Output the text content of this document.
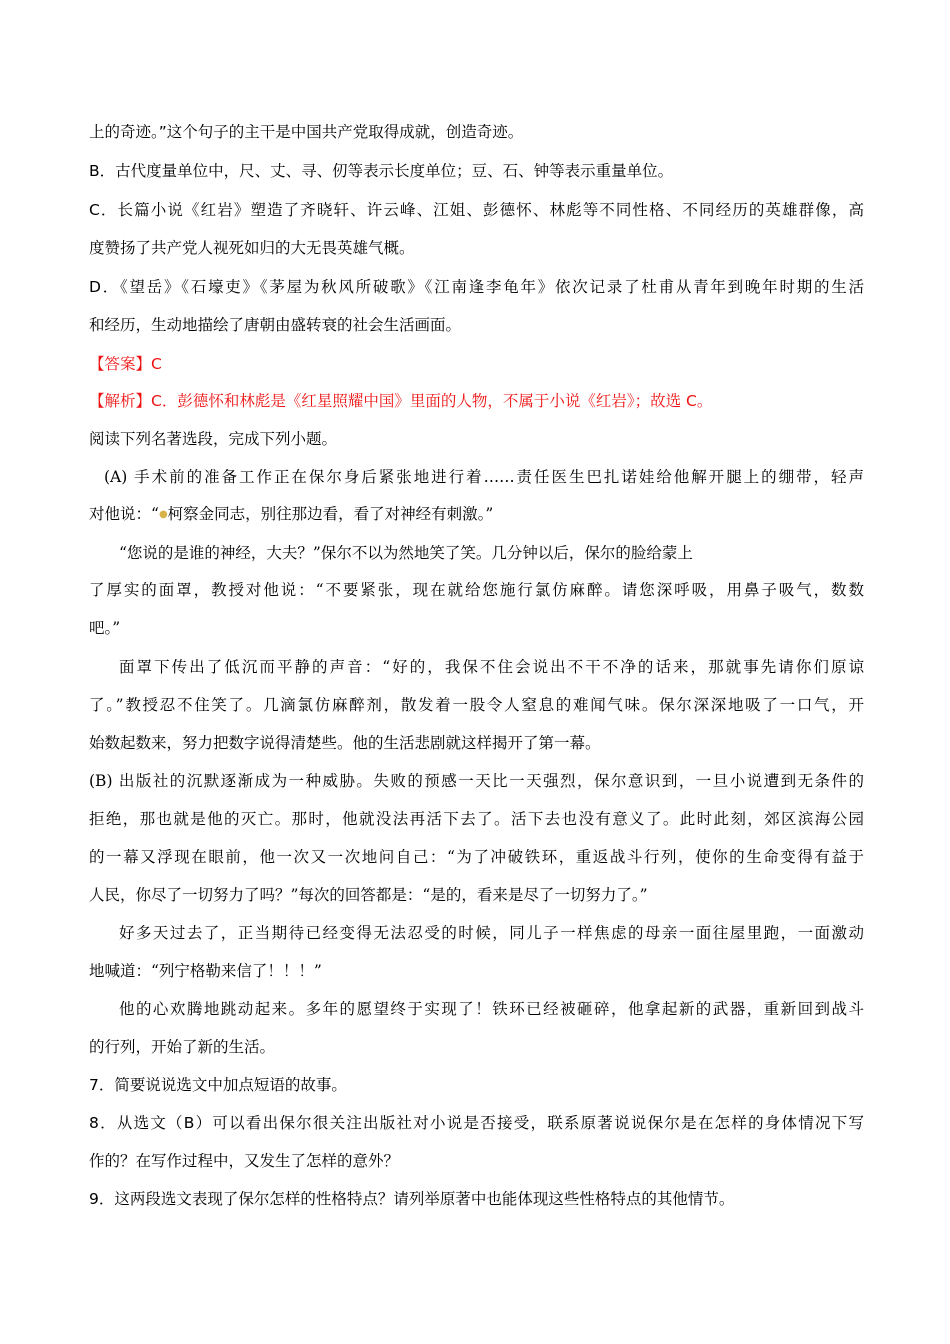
上的奇迹。”这个句子的主干是中国共产党取得成就，创造奇迹。
B．古代度量单位中，尺、丈、寻、仞等表示长度单位；豆、石、钟等表示重量单位。
C．长篇小说《红岩》塑造了齐晓轩、许云峰、江姐、彭德怀、林彪等不同性格、不同经历的英雄群像，高
度赞扬了共产党人视死如归的大无畏英雄气概。
D．《望岳》《石壕吏》《茅屋为秋风所破歌》《江南逢李龟年》依次记录了杜甫从青年到晚年时期的生活
和经历，生动地描绘了唐朝由盛转衰的社会生活画面。
【答案】C
【解析】C．彭德怀和林彪是《红星照耀中国》里面的人物，不属于小说《红岩》；故选 C。
阅读下列名著选段，完成下列小题。
(A) 手术前的准备工作正在保尔身后紧张地进行着……责任医生巴扎诺娃给他解开腿上的绷带，轻声
对他说：“●柯察金同志，别往那边看，看了对神经有刺激。”
“您说的是谁的神经，大夫？”保尔不以为然地笑了笑。几分钟以后，保尔的脸给蒙上
了厚实的面罩，教授对他说：“不要紧张，现在就给您施行氯仿麻醉。请您深呼吸，用鼻子吸气，数数
吧。”
面罩下传出了低沉而平静的声音：“好的，我保不住会说出不干不净的话来，那就事先请你们原谅
了。”教授忍不住笑了。几滴氯仿麻醉剂，散发着一股令人窒息的难闻气味。保尔深深地吸了一口气，开
始数起数来，努力把数字说得清楚些。他的生活悲剧就这样揭开了第一幕。
(B) 出版社的沉默逐渐成为一种威胁。失败的预感一天比一天强烈，保尔意识到，一旦小说遭到无条件的
拒绝，那也就是他的灭亡。那时，他就没法再活下去了。活下去也没有意义了。此时此刻，郊区滨海公园
的一幕又浮现在眼前，他一次又一次地问自己：“为了冲破铁环，重返战斗行列，使你的生命变得有益于
人民，你尽了一切努力了吗？”每次的回答都是：“是的，看来是尽了一切努力了。”
好多天过去了，正当期待已经变得无法忍受的时候，同儿子一样焦虑的母亲一面往屋里跑，一面激动
地喊道：“列宁格勒来信了！！！”
他的心欢腾地跳动起来。多年的愿望终于实现了！铁环已经被砸碎，他拿起新的武器，重新回到战斗
的行列，开始了新的生活。
7．简要说说选文中加点短语的故事。
8．从选文（B）可以看出保尔很关注出版社对小说是否接受，联系原著说说保尔是在怎样的身体情况下写
作的？在写作过程中，又发生了怎样的意外？
9．这两段选文表现了保尔怎样的性格特点？请列举原著中也能体现这些性格特点的其他情节。
